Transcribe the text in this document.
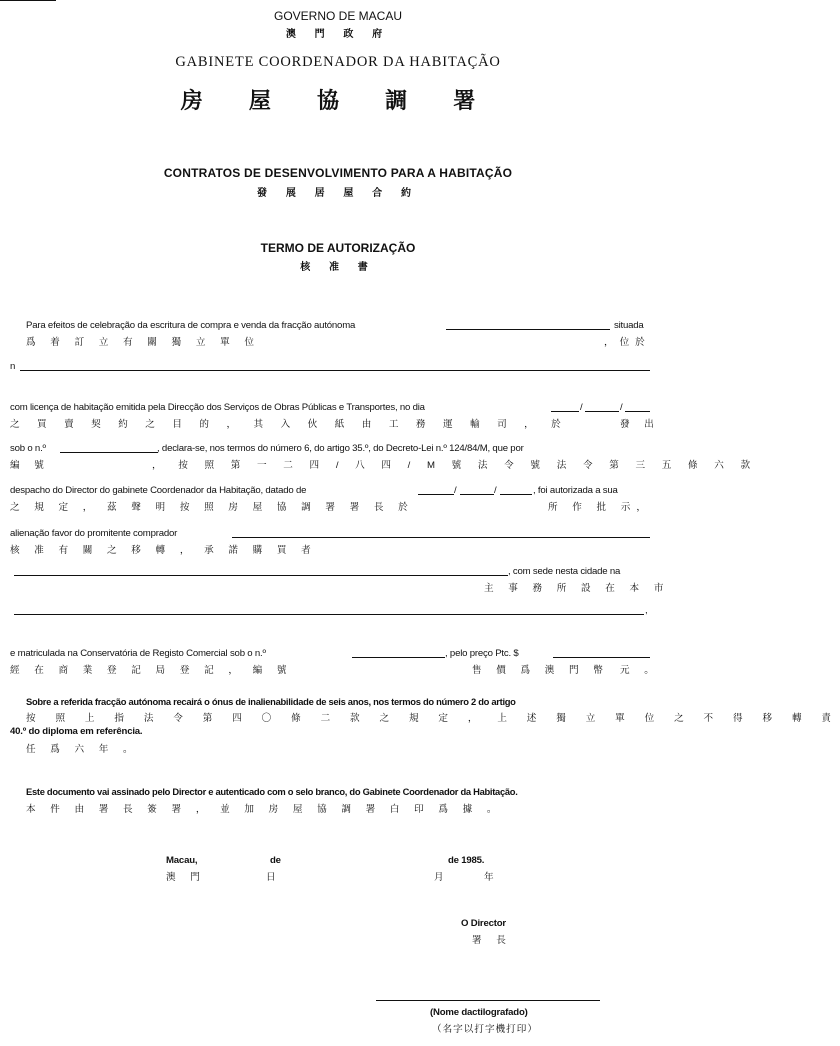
GOVERNO DE MACAU
澳 門 政 府
GABINETE COORDENADOR DA HABITAÇÃO
房 屋 協 調 署
CONTRATOS DE DESENVOLVIMENTO PARA A HABITAÇÃO
發 展 居 屋 合 約
TERMO DE AUTORIZAÇÃO
核 准 書
Para efeitos de celebração da escritura de compra e venda da fracção autónoma	situada
爲 着 訂 立 有 關 獨 立 單 位	，位於
n
com licença de habitação emitida pela Direcção dos Serviços de Obras Públicas e Transportes, no dia	/	/
之 買 賣 契 約 之 目 的 ， 其 入 伙 紙 由 工 務 運 輸 司 ， 於	發 出
sob o n.º	, declara-se, nos termos do número 6, do artigo 35.º, do Decreto-Lei n.º 124/84/M, que por
編 號	， 按 照 第 一 二 四 / 八 四 / M 號 法 令 號 法 令 第 三 五 條 六 款
despacho do Director do gabinete Coordenador da Habitação, datado de	/	/	, foi autorizada a sua
之 規 定 ， 茲 聲 明 按 照 房 屋 協 調 署 署 長 於	所 作 批 示，
alienação favor do promitente comprador
核 准 有 關 之 移 轉 ， 承 諾 購 買 者
, com sede nesta cidade na
主 事 務 所 設 在 本 市
,
e matriculada na Conservatória de Registo Comercial sob o n.º	, pelo preço Ptc. $
經 在 商 業 登 記 局 登 記 ， 編 號	售 價 爲 澳 門 幣 元 。
Sobre a referida fracção autónoma recairá o ónus de inalienabilidade de seis anos, nos termos do número 2 do artigo
按 照 上 指 法 令 第 四 〇 條 二 款 之 規 定 ， 上 述 獨 立 單 位 之 不 得 移 轉 責
40.º do diploma em referência.
任 爲 六 年 。
Este documento vai assinado pelo Director e autenticado com o selo branco, do Gabinete Coordenador da Habitação.
本 件 由 署 長 簽 署 ， 並 加 房 屋 協 調 署 白 印 爲 據 。
Macau,
澳 門
de
日
de 1985.
月	年
O Director
署 長
(Nome dactilografado)
（名字以打字機打印）
